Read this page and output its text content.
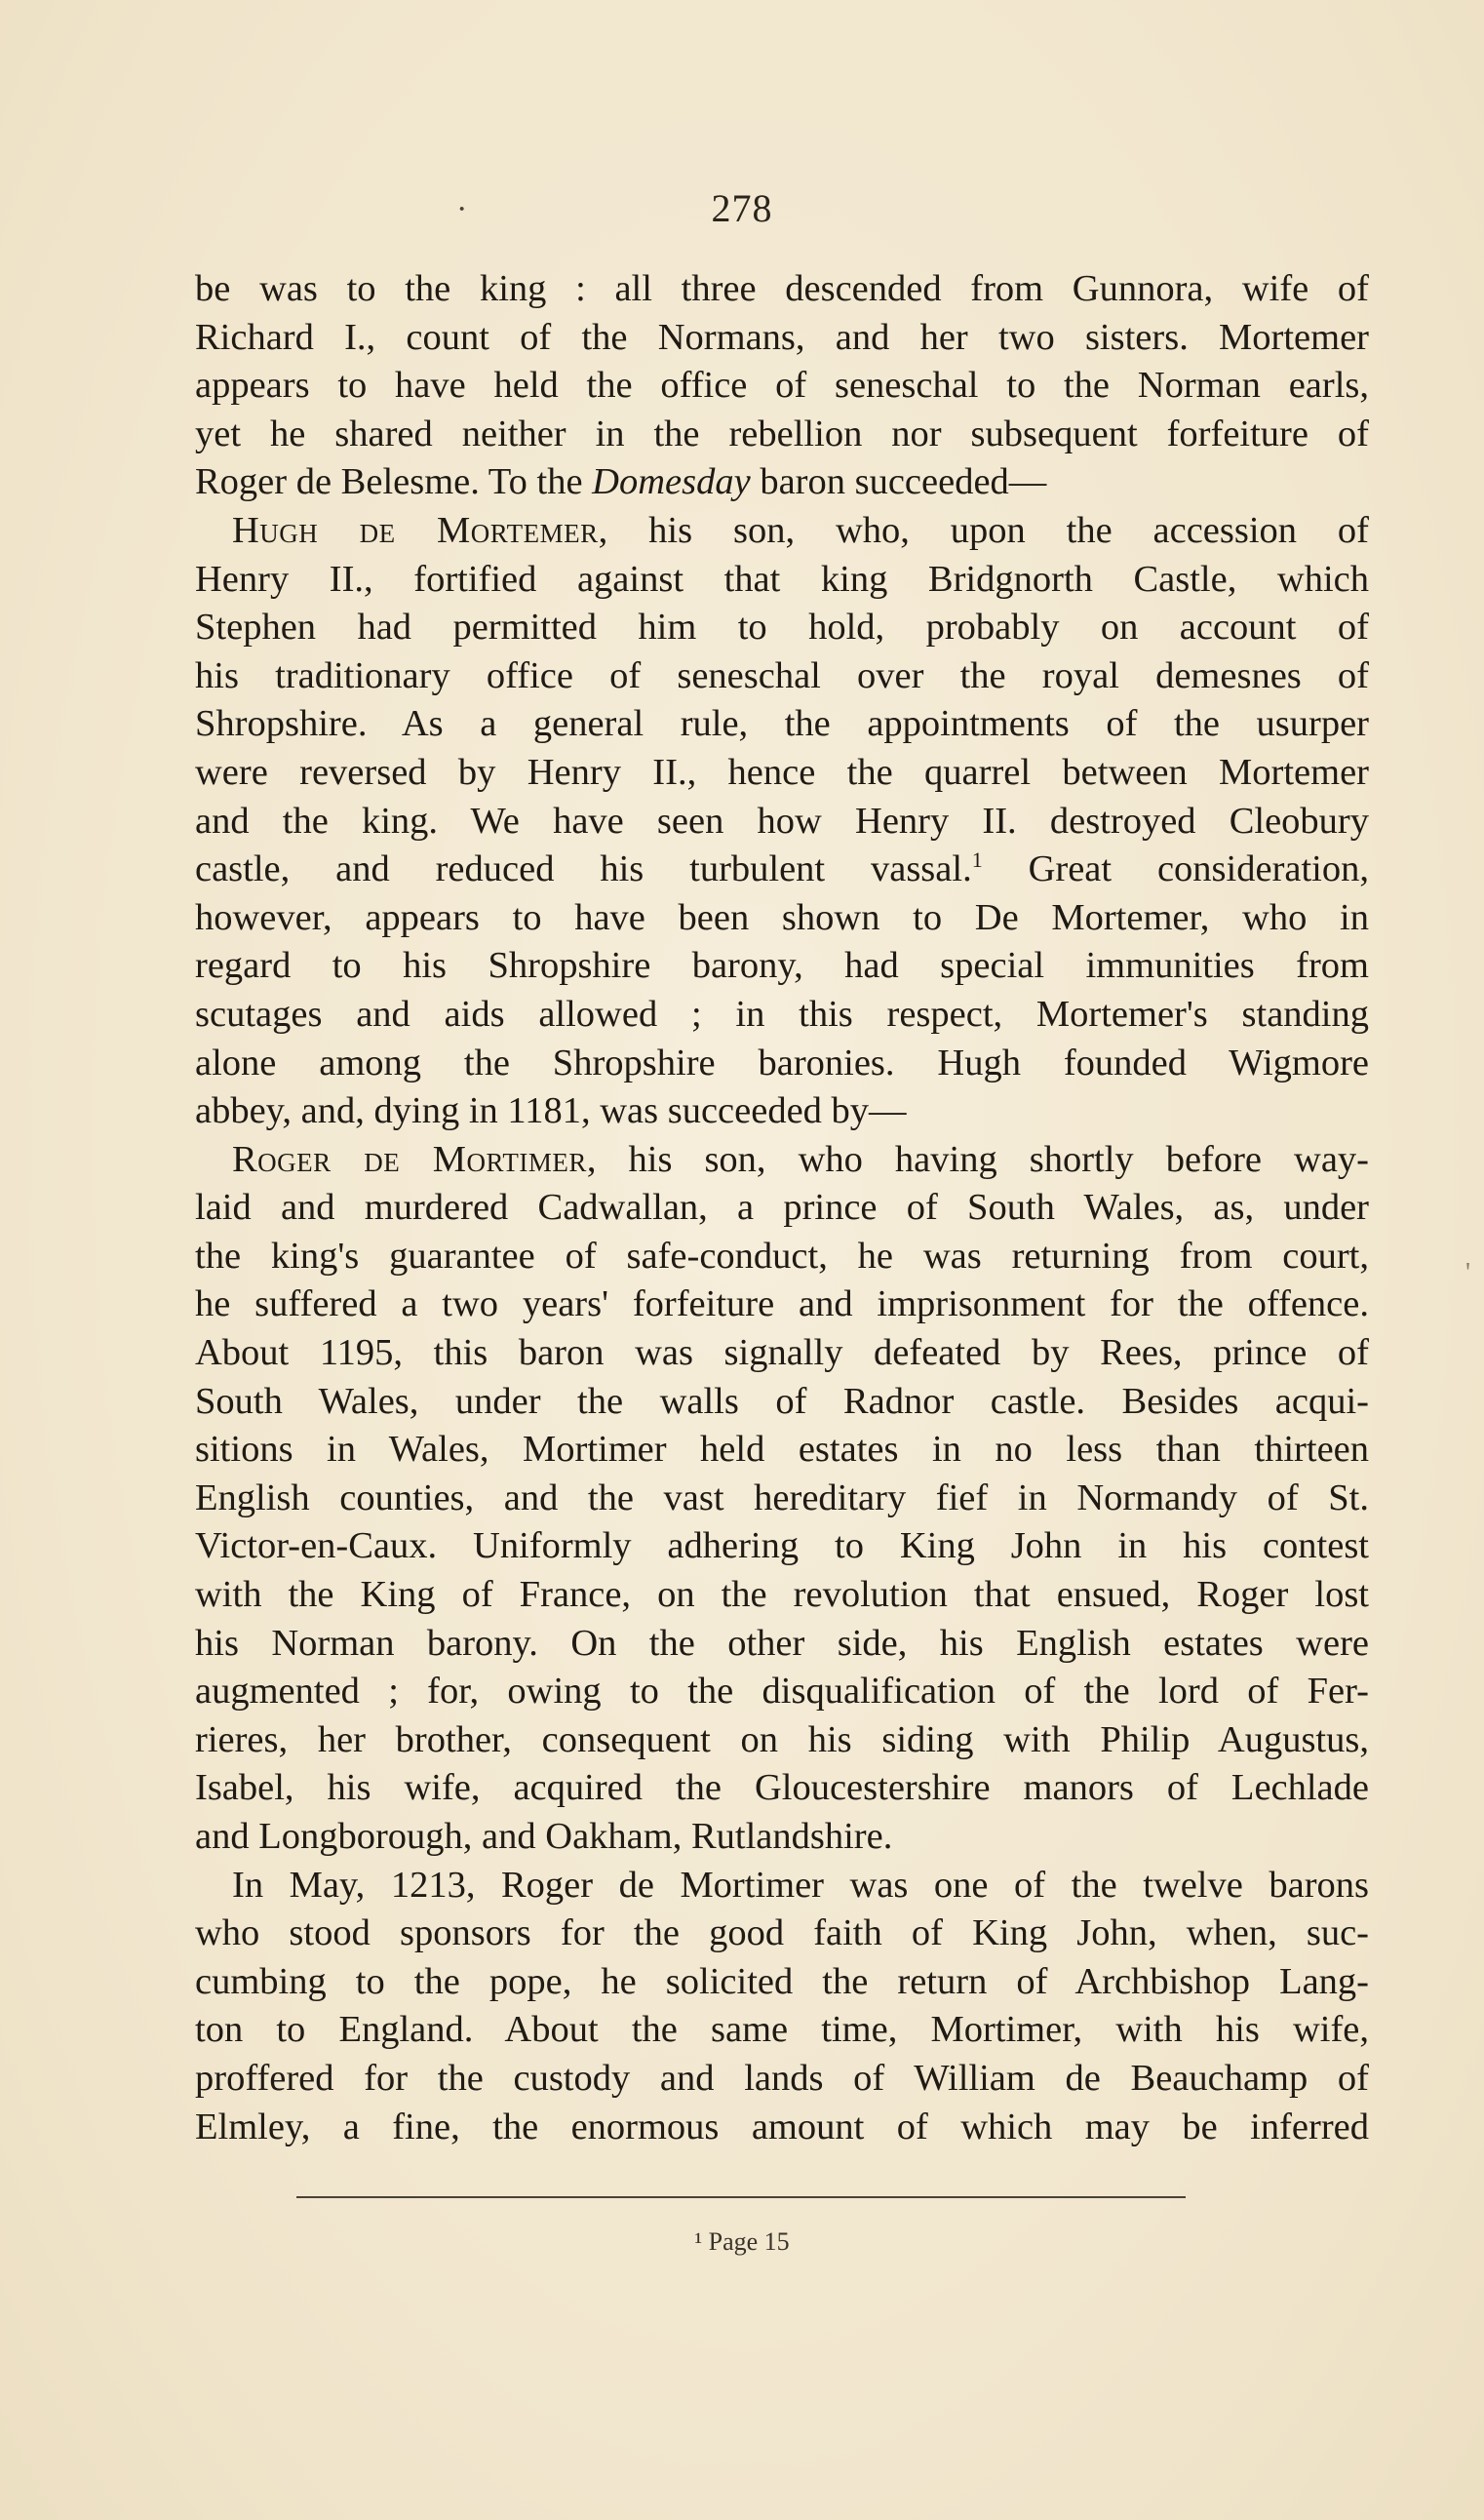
·	278
be was to the king : all three descended from Gunnora, wife of
Richard I., count of the Normans, and her two sisters. Mortemer
appears to have held the office of seneschal to the Norman earls,
yet he shared neither in the rebellion nor subsequent forfeiture of
Roger de Belesme. To the Domesday baron succeeded—
Hugh de Mortemer, his son, who, upon the accession of
Henry II., fortified against that king Bridgnorth Castle, which
Stephen had permitted him to hold, probably on account of
his traditionary office of seneschal over the royal demesnes of
Shropshire. As a general rule, the appointments of the usurper
were reversed by Henry II., hence the quarrel between Mortemer
and the king. We have seen how Henry II. destroyed Cleobury
castle, and reduced his turbulent vassal.$^1$ Great consideration,
however, appears to have been shown to De Mortemer, who in
regard to his Shropshire barony, had special immunities from
scutages and aids allowed ; in this respect, Mortemer's standing
alone among the Shropshire baronies. Hugh founded Wigmore
abbey, and, dying in 1181, was succeeded by—
Roger de Mortimer, his son, who having shortly before way-
laid and murdered Cadwallan, a prince of South Wales, as, under
the king's guarantee of safe-conduct, he was returning from court,
he suffered a two years' forfeiture and imprisonment for the offence.
About 1195, this baron was signally defeated by Rees, prince of
South Wales, under the walls of Radnor castle. Besides acqui-
sitions in Wales, Mortimer held estates in no less than thirteen
English counties, and the vast hereditary fief in Normandy of St.
Victor-en-Caux. Uniformly adhering to King John in his contest
with the King of France, on the revolution that ensued, Roger lost
his Norman barony. On the other side, his English estates were
augmented ; for, owing to the disqualification of the lord of Fer-
rieres, her brother, consequent on his siding with Philip Augustus,
Isabel, his wife, acquired the Gloucestershire manors of Lechlade
and Longborough, and Oakham, Rutlandshire.
In May, 1213, Roger de Mortimer was one of the twelve barons
who stood sponsors for the good faith of King John, when, suc-
cumbing to the pope, he solicited the return of Archbishop Lang-
ton to England. About the same time, Mortimer, with his wife,
proffered for the custody and lands of William de Beauchamp of
Elmley, a fine, the enormous amount of which may be inferred
¹ Page 15
'
